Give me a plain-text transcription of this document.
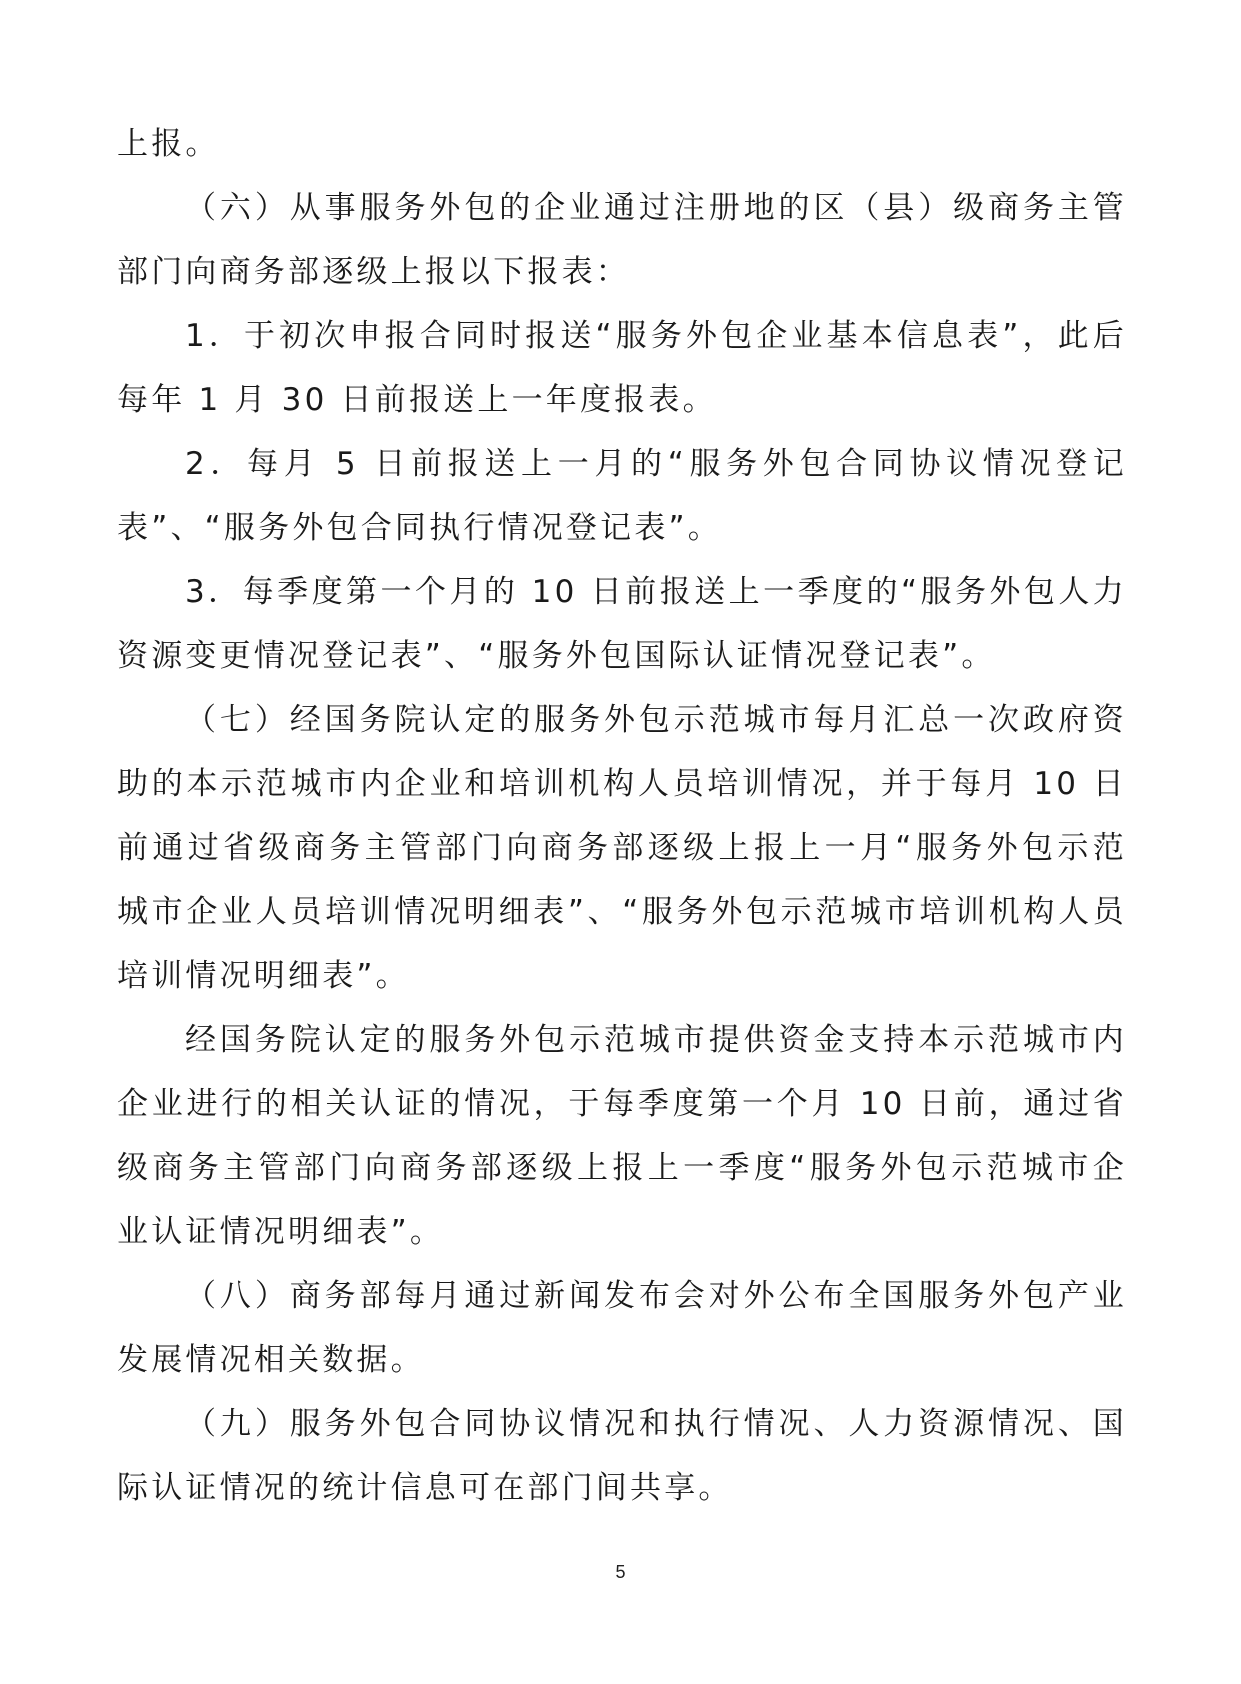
上报。

（六）从事服务外包的企业通过注册地的区（县）级商务主管部门向商务部逐级上报以下报表：

1．于初次申报合同时报送“服务外包企业基本信息表”，此后每年 1 月 30 日前报送上一年度报表。

2．每月 5 日前报送上一月的“服务外包合同协议情况登记表”、“服务外包合同执行情况登记表”。

3．每季度第一个月的 10 日前报送上一季度的“服务外包人力资源变更情况登记表”、“服务外包国际认证情况登记表”。

（七）经国务院认定的服务外包示范城市每月汇总一次政府资助的本示范城市内企业和培训机构人员培训情况，并于每月 10 日前通过省级商务主管部门向商务部逐级上报上一月“服务外包示范城市企业人员培训情况明细表”、“服务外包示范城市培训机构人员培训情况明细表”。

经国务院认定的服务外包示范城市提供资金支持本示范城市内企业进行的相关认证的情况，于每季度第一个月 10 日前，通过省级商务主管部门向商务部逐级上报上一季度“服务外包示范城市企业认证情况明细表”。

（八）商务部每月通过新闻发布会对外公布全国服务外包产业发展情况相关数据。

（九）服务外包合同协议情况和执行情况、人力资源情况、国际认证情况的统计信息可在部门间共享。

5
